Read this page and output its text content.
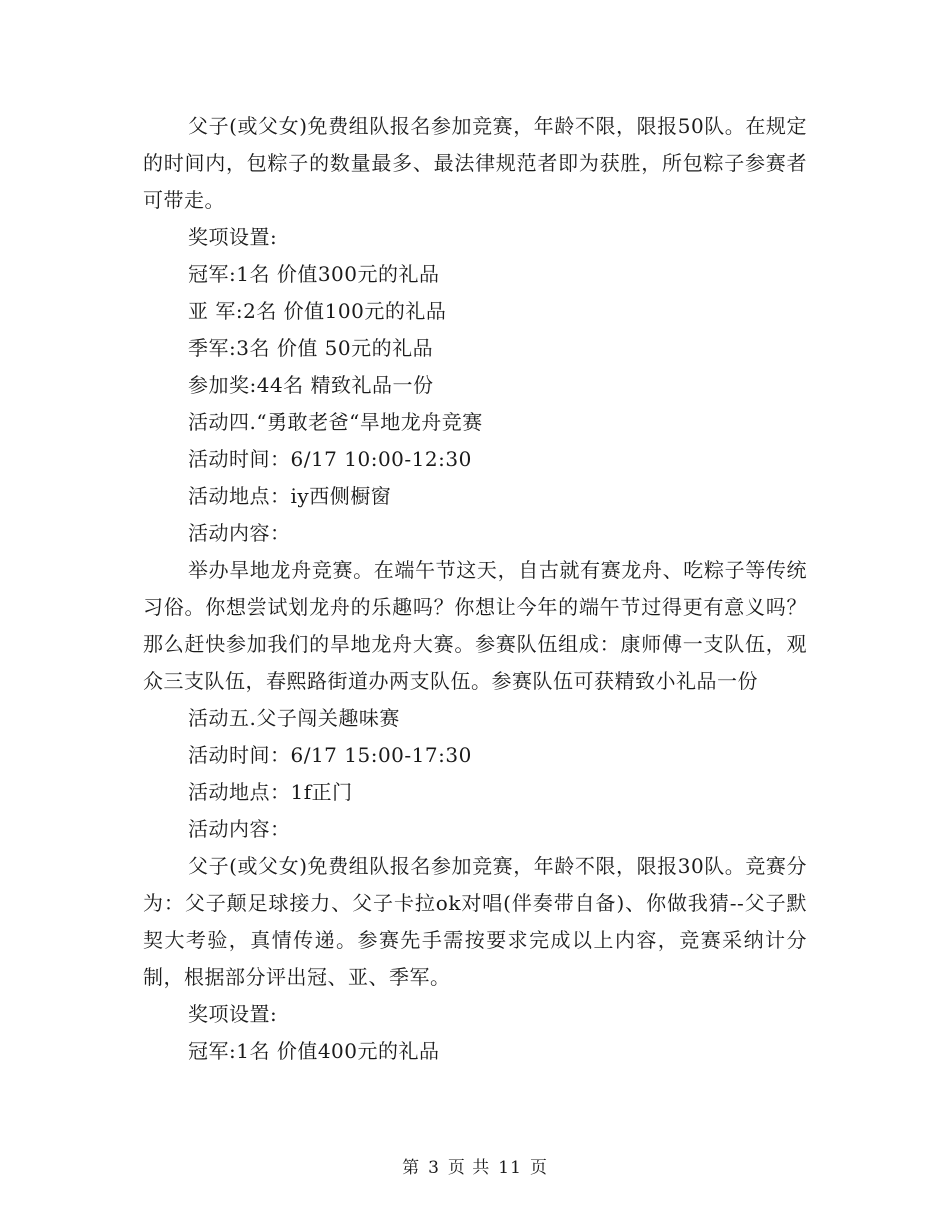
父子(或父女)免费组队报名参加竞赛，年龄不限，限报50队。在规定的时间内，包粽子的数量最多、最法律规范者即为获胜，所包粽子参赛者可带走。

奖项设置:

冠军:1名 价值300元的礼品

亚 军:2名 价值100元的礼品

季军:3名 价值 50元的礼品

参加奖:44名 精致礼品一份

活动四.“勇敢老爸“旱地龙舟竞赛

活动时间：6/17 10:00-12:30

活动地点：iy西侧橱窗

活动内容：

举办旱地龙舟竞赛。在端午节这天，自古就有赛龙舟、吃粽子等传统习俗。你想尝试划龙舟的乐趣吗？你想让今年的端午节过得更有意义吗？那么赶快参加我们的旱地龙舟大赛。参赛队伍组成：康师傅一支队伍，观众三支队伍，春熙路街道办两支队伍。参赛队伍可获精致小礼品一份

活动五.父子闯关趣味赛

活动时间：6/17 15:00-17:30

活动地点：1f正门

活动内容：

父子(或父女)免费组队报名参加竞赛，年龄不限，限报30队。竞赛分为：父子颠足球接力、父子卡拉ok对唱(伴奏带自备)、你做我猜--父子默契大考验，真情传递。参赛先手需按要求完成以上内容，竞赛采纳计分制，根据部分评出冠、亚、季军。

奖项设置:

冠军:1名 价值400元的礼品

第 3 页 共 11 页
